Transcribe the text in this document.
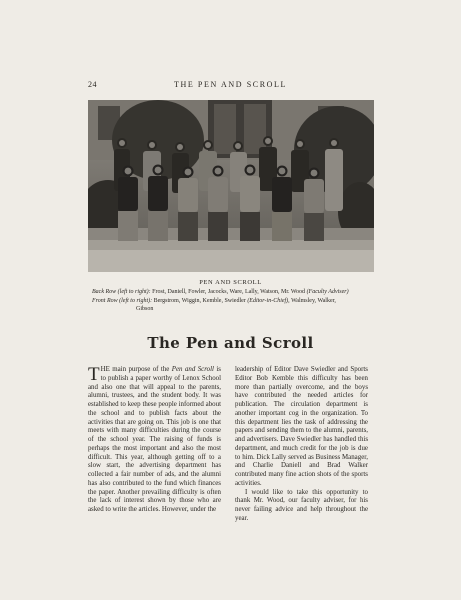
24	THE PEN AND SCROLL
PEN AND SCROLL

Back Row (left to right): Frost, Daniell, Fowler, Jacocks, Ware, Lally, Watson, Mr. Wood (Faculty Adviser)

Front Row (left to right): Bergstrom, Wiggin, Kemble, Swiedler (Editor-in-Chief), Walmsley, Walker,
Gibson

The Pen and Scroll

THE main purpose of the Pen and Scroll is to publish a paper worthy of Lenox School and also one that will appeal to the parents, alumni, trustees, and the student body. It was established to keep these people informed about the school and to publish facts about the activities that are going on. This job is one that meets with many difficulties during the course of the school year. The raising of funds is perhaps the most important and also the most difficult. This year, although getting off to a slow start, the advertising department has collected a fair number of ads, and the alumni has also contributed to the fund which finances the paper. Another prevailing difficulty is often the lack of interest shown by those who are asked to write the articles. However, under the

leadership of Editor Dave Swiedler and Sports Editor Bob Kemble this difficulty has been more than partially overcome, and the boys have contributed the needed articles for publication. The circulation department is another important cog in the organization. To this department lies the task of addressing the papers and sending them to the alumni, parents, and advertisers. Dave Swiedler has handled this department, and much credit for the job is due to him. Dick Lally served as Business Manager, and Charlie Daniell and Brad Walker contributed many fine action shots of the sports activities.

I would like to take this opportunity to thank Mr. Wood, our faculty adviser, for his never failing advice and help throughout the year.
